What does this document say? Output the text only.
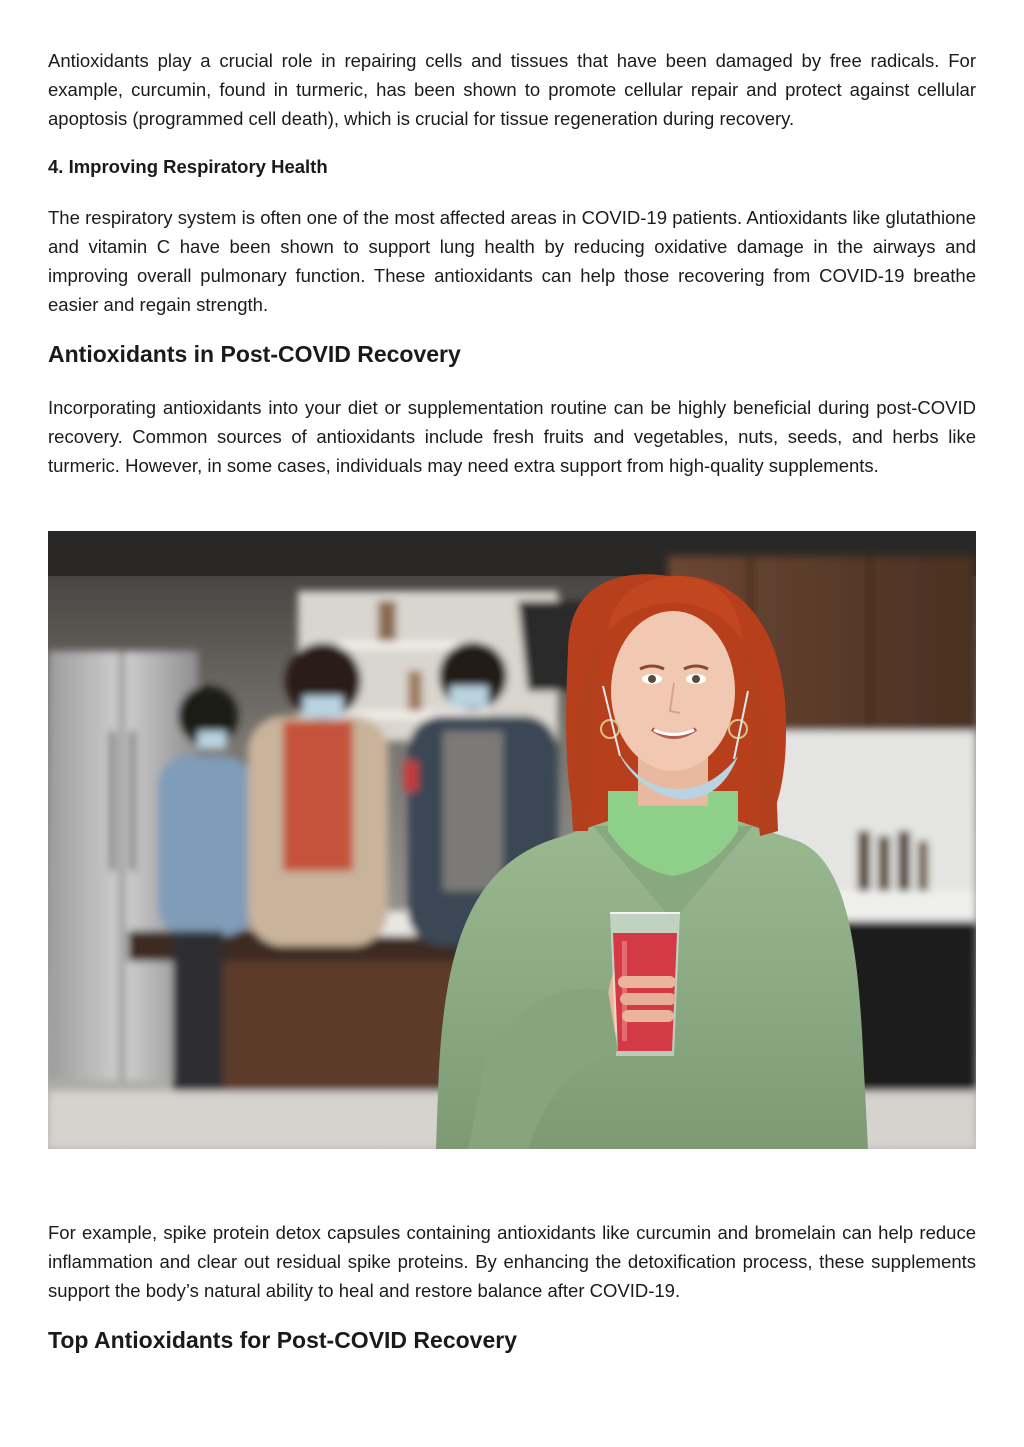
Antioxidants play a crucial role in repairing cells and tissues that have been damaged by free radicals. For example, curcumin, found in turmeric, has been shown to promote cellular repair and protect against cellular apoptosis (programmed cell death), which is crucial for tissue regeneration during recovery.

4. Improving Respiratory Health

The respiratory system is often one of the most affected areas in COVID-19 patients. Antioxidants like glutathione and vitamin C have been shown to support lung health by reducing oxidative damage in the airways and improving overall pulmonary function. These antioxidants can help those recovering from COVID-19 breathe easier and regain strength.

Antioxidants in Post-COVID Recovery

Incorporating antioxidants into your diet or supplementation routine can be highly beneficial during post-COVID recovery. Common sources of antioxidants include fresh fruits and vegetables, nuts, seeds, and herbs like turmeric. However, in some cases, individuals may need extra support from high-quality supplements.

For example, spike protein detox capsules containing antioxidants like curcumin and bromelain can help reduce inflammation and clear out residual spike proteins. By enhancing the detoxification process, these supplements support the body’s natural ability to heal and restore balance after COVID-19.

Top Antioxidants for Post-COVID Recovery
